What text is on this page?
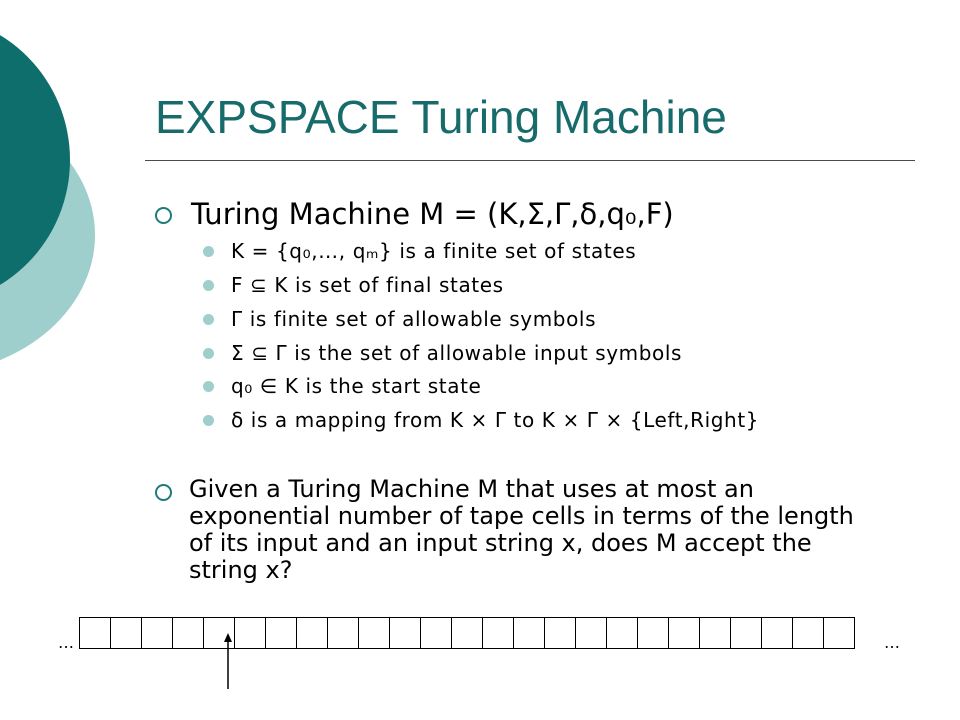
EXPSPACE Turing Machine
Turing Machine M = (K,Σ,Γ,δ,q₀,F)
K = {q₀,…, qₘ} is a finite set of states
F ⊆ K is set of final states
Γ is finite set of allowable symbols
Σ ⊆ Γ is the set of allowable input symbols
q₀ ∈ K is the start state
δ is a mapping from K × Γ to K × Γ × {Left,Right}
Given a Turing Machine M that uses at most an exponential number of tape cells in terms of the length of its input and an input string x, does M accept the string x?
…	…
